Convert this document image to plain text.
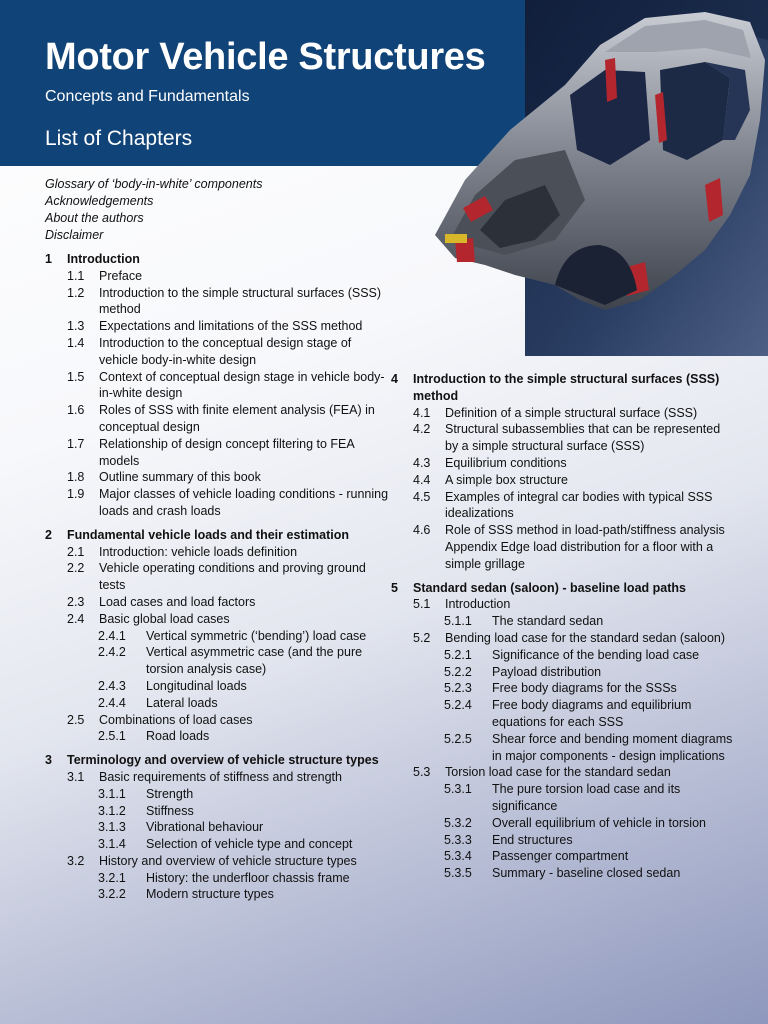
Motor Vehicle Structures
Concepts and Fundamentals
List of Chapters
Glossary of ‘body-in-white’ components
Acknowledgements
About the authors
Disclaimer
1	Introduction
1.1	Preface
1.2	Introduction to the simple structural surfaces (SSS) method
1.3	Expectations and limitations of the SSS method
1.4	Introduction to the conceptual design stage of vehicle body-in-white design
1.5	Context of conceptual design stage in vehicle body-in-white design
1.6	Roles of SSS with finite element analysis (FEA) in conceptual design
1.7	Relationship of design concept filtering to FEA models
1.8	Outline summary of this book
1.9	Major classes of vehicle loading conditions - running loads and crash loads
2	Fundamental vehicle loads and their estimation
2.1	Introduction: vehicle loads definition
2.2	Vehicle operating conditions and proving ground tests
2.3	Load cases and load factors
2.4	Basic global load cases
2.4.1	Vertical symmetric (‘bending’) load case
2.4.2	Vertical asymmetric case (and the pure torsion analysis case)
2.4.3	Longitudinal loads
2.4.4	Lateral loads
2.5	Combinations of load cases
2.5.1	Road loads
3	Terminology and overview of vehicle structure types
3.1	Basic requirements of stiffness and strength
3.1.1	Strength
3.1.2	Stiffness
3.1.3	Vibrational behaviour
3.1.4	Selection of vehicle type and concept
3.2	History and overview of vehicle structure types
3.2.1	History: the underfloor chassis frame
3.2.2	Modern structure types
4	Introduction to the simple structural surfaces (SSS) method
4.1	Definition of a simple structural surface (SSS)
4.2	Structural subassemblies that can be represented by a simple structural surface (SSS)
4.3	Equilibrium conditions
4.4	A simple box structure
4.5	Examples of integral car bodies with typical SSS idealizations
4.6	Role of SSS method in load-path/stiffness analysis
Appendix Edge load distribution for a floor with a simple grillage
5	Standard sedan (saloon) - baseline load paths
5.1	Introduction
5.1.1	The standard sedan
5.2	Bending load case for the standard sedan (saloon)
5.2.1	Significance of the bending load case
5.2.2	Payload distribution
5.2.3	Free body diagrams for the SSSs
5.2.4	Free body diagrams and equilibrium equations for each SSS
5.2.5	Shear force and bending moment diagrams in major components - design implications
5.3	Torsion load case for the standard sedan
5.3.1	The pure torsion load case and its significance
5.3.2	Overall equilibrium of vehicle in torsion
5.3.3	End structures
5.3.4	Passenger compartment
5.3.5	Summary - baseline closed sedan
